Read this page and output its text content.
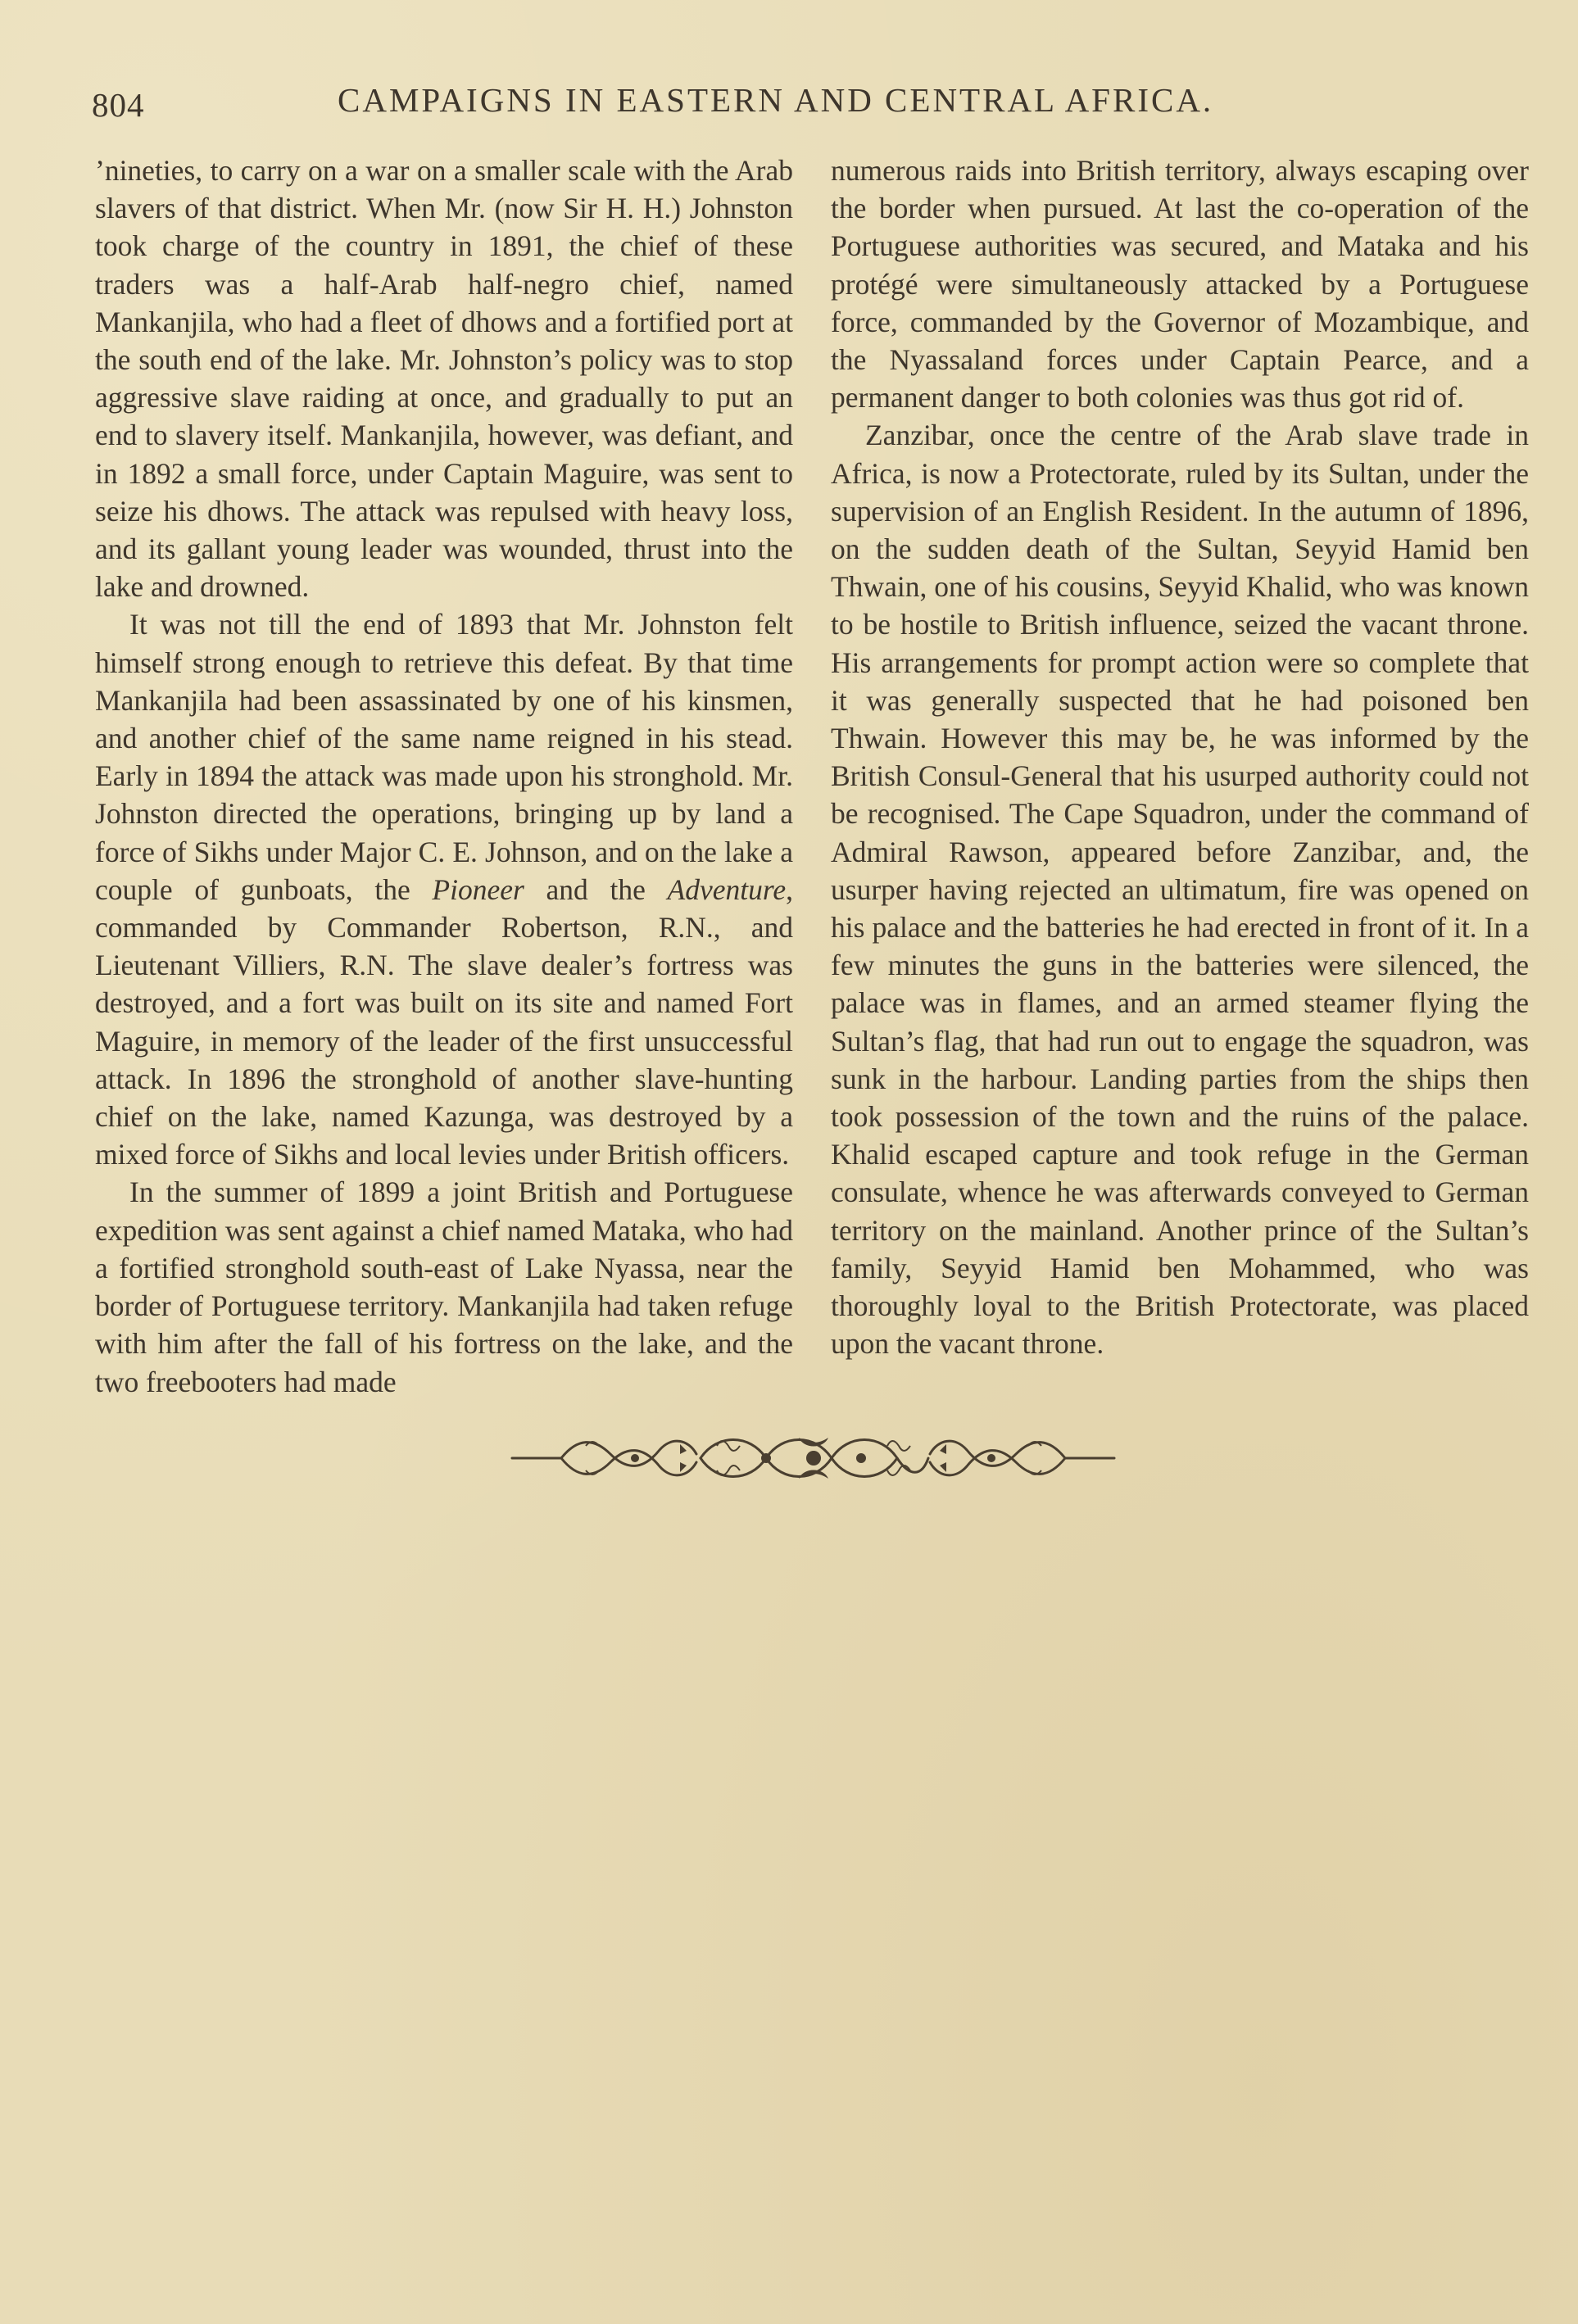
804	CAMPAIGNS IN EASTERN AND CENTRAL AFRICA.

’nineties, to carry on a war on a smaller scale with the Arab slavers of that district. When Mr. (now Sir H. H.) Johnston took charge of the country in 1891, the chief of these traders was a half-Arab half-negro chief, named Mankanjila, who had a fleet of dhows and a fortified port at the south end of the lake. Mr. Johnston’s policy was to stop aggressive slave raiding at once, and gradually to put an end to slavery itself. Mankanjila, however, was defiant, and in 1892 a small force, under Captain Maguire, was sent to seize his dhows. The attack was repulsed with heavy loss, and its gallant young leader was wounded, thrust into the lake and drowned.

It was not till the end of 1893 that Mr. Johnston felt himself strong enough to retrieve this defeat. By that time Mankanjila had been assassinated by one of his kinsmen, and another chief of the same name reigned in his stead. Early in 1894 the attack was made upon his stronghold. Mr. Johnston directed the operations, bringing up by land a force of Sikhs under Major C. E. Johnson, and on the lake a couple of gunboats, the Pioneer and the Adventure, commanded by Commander Robertson, R.N., and Lieutenant Villiers, R.N. The slave dealer’s fortress was destroyed, and a fort was built on its site and named Fort Maguire, in memory of the leader of the first unsuccessful attack. In 1896 the stronghold of another slave-hunting chief on the lake, named Kazunga, was destroyed by a mixed force of Sikhs and local levies under British officers.

In the summer of 1899 a joint British and Portuguese expedition was sent against a chief named Mataka, who had a fortified stronghold south-east of Lake Nyassa, near the border of Portuguese territory. Mankanjila had taken refuge with him after the fall of his fortress on the lake, and the two freebooters had made

numerous raids into British territory, always escaping over the border when pursued. At last the co-operation of the Portuguese authorities was secured, and Mataka and his protégé were simultaneously attacked by a Portuguese force, commanded by the Governor of Mozambique, and the Nyassaland forces under Captain Pearce, and a permanent danger to both colonies was thus got rid of.

Zanzibar, once the centre of the Arab slave trade in Africa, is now a Protectorate, ruled by its Sultan, under the supervision of an English Resident. In the autumn of 1896, on the sudden death of the Sultan, Seyyid Hamid ben Thwain, one of his cousins, Seyyid Khalid, who was known to be hostile to British influence, seized the vacant throne. His arrangements for prompt action were so complete that it was generally suspected that he had poisoned ben Thwain. However this may be, he was informed by the British Consul-General that his usurped authority could not be recognised. The Cape Squadron, under the command of Admiral Rawson, appeared before Zanzibar, and, the usurper having rejected an ultimatum, fire was opened on his palace and the batteries he had erected in front of it. In a few minutes the guns in the batteries were silenced, the palace was in flames, and an armed steamer flying the Sultan’s flag, that had run out to engage the squadron, was sunk in the harbour. Landing parties from the ships then took possession of the town and the ruins of the palace. Khalid escaped capture and took refuge in the German consulate, whence he was afterwards conveyed to German territory on the mainland. Another prince of the Sultan’s family, Seyyid Hamid ben Mohammed, who was thoroughly loyal to the British Protectorate, was placed upon the vacant throne.
